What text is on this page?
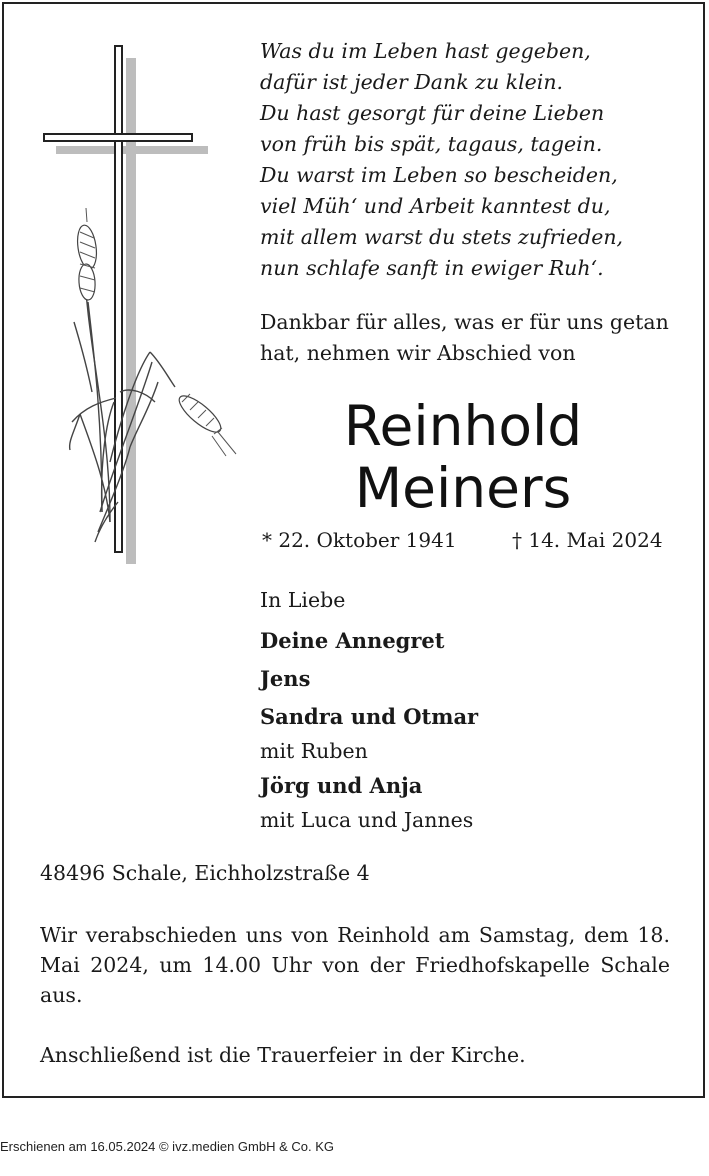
Was du im Leben hast gegeben,
dafür ist jeder Dank zu klein.
Du hast gesorgt für deine Lieben
von früh bis spät, tagaus, tagein.
Du warst im Leben so bescheiden,
viel Müh‘ und Arbeit kanntest du,
mit allem warst du stets zufrieden,
nun schlafe sanft in ewiger Ruh‘.
Dankbar für alles, was er für uns getan
hat, nehmen wir Abschied von
Reinhold
Meiners
* 22. Oktober 1941	† 14. Mai 2024
In Liebe
Deine Annegret
Jens
Sandra und Otmar
mit Ruben
Jörg und Anja
mit Luca und Jannes
48496 Schale, Eichholzstraße 4
Wir verabschieden uns von Reinhold am Samstag, dem 18. Mai 2024, um 14.00 Uhr von der Friedhofskapelle Schale aus.
Anschließend ist die Trauerfeier in der Kirche.
Erschienen am 16.05.2024 © ivz.medien GmbH & Co. KG
